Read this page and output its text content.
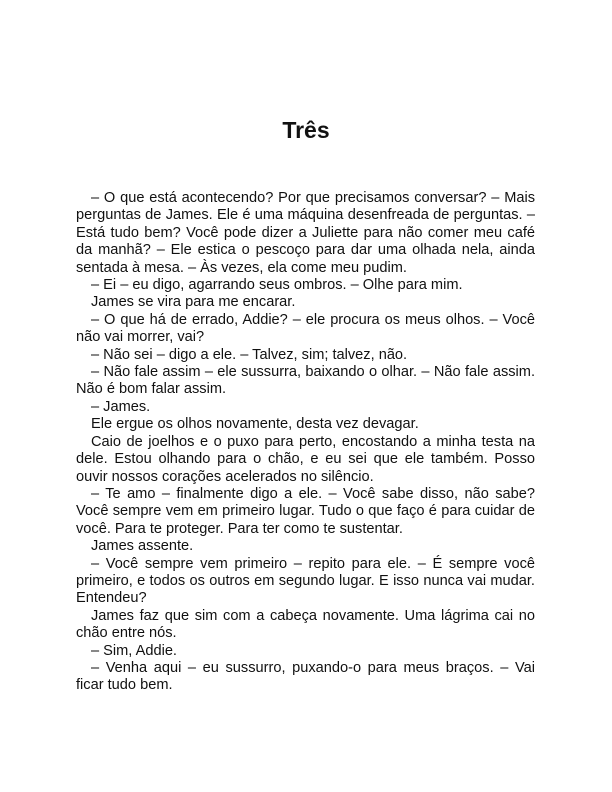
Três

– O que está acontecendo? Por que precisamos conversar? – Mais perguntas de James. Ele é uma máquina desenfreada de perguntas. – Está tudo bem? Você pode dizer a Juliette para não comer meu café da manhã? – Ele estica o pescoço para dar uma olhada nela, ainda sentada à mesa. – Às vezes, ela come meu pudim.

– Ei – eu digo, agarrando seus ombros. – Olhe para mim.

James se vira para me encarar.

– O que há de errado, Addie? – ele procura os meus olhos. – Você não vai morrer, vai?

– Não sei – digo a ele. – Talvez, sim; talvez, não.

– Não fale assim – ele sussurra, baixando o olhar. – Não fale assim. Não é bom falar assim.

– James.

Ele ergue os olhos novamente, desta vez devagar.

Caio de joelhos e o puxo para perto, encostando a minha testa na dele. Estou olhando para o chão, e eu sei que ele também. Posso ouvir nossos corações acelerados no silêncio.

– Te amo – finalmente digo a ele. – Você sabe disso, não sabe? Você sempre vem em primeiro lugar. Tudo o que faço é para cuidar de você. Para te proteger. Para ter como te sustentar.

James assente.

– Você sempre vem primeiro – repito para ele. – É sempre você primeiro, e todos os outros em segundo lugar. E isso nunca vai mudar. Entendeu?

James faz que sim com a cabeça novamente. Uma lágrima cai no chão entre nós.

– Sim, Addie.

– Venha aqui – eu sussurro, puxando-o para meus braços. – Vai ficar tudo bem.
